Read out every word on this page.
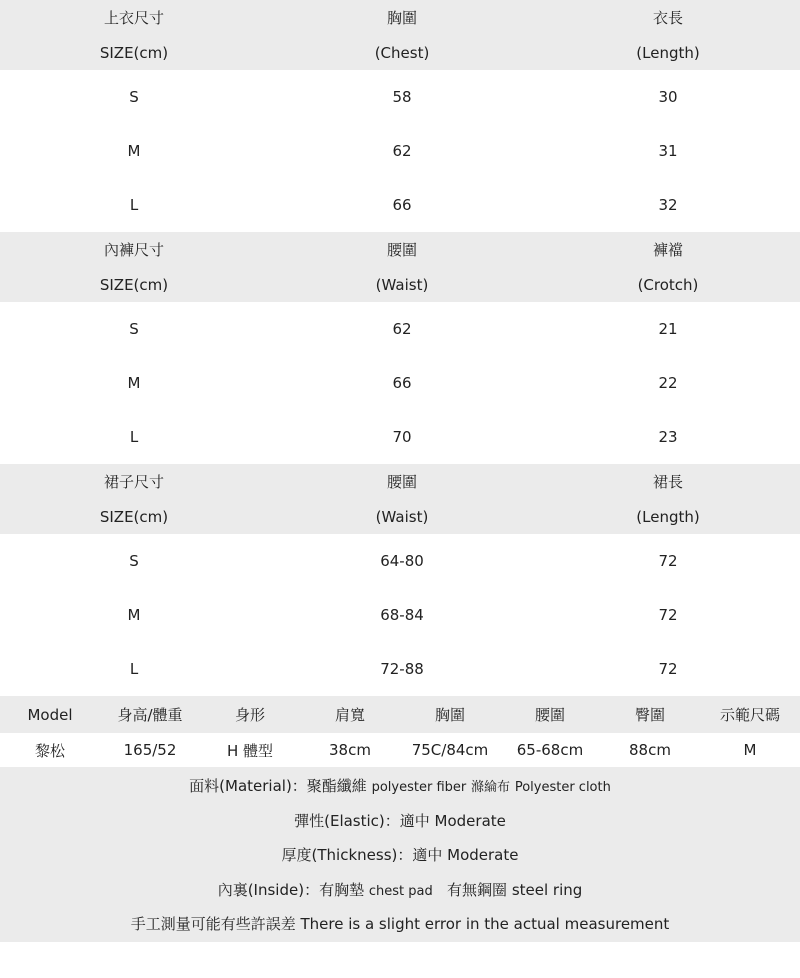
上衣尺寸	胸圍	衣長
SIZE(cm)	(Chest)	(Length)
S	58	30
M	62	31
L	66	32
內褲尺寸	腰圍	褲襠
SIZE(cm)	(Waist)	(Crotch)
S	62	21
M	66	22
L	70	23
裙子尺寸	腰圍	裙長
SIZE(cm)	(Waist)	(Length)
S	64-80	72
M	68-84	72
L	72-88	72
Model	身高/體重	身形	肩寬	胸圍	腰圍	臀圍	示範尺碼
黎松	165/52	H 體型	38cm	75C/84cm	65-68cm	88cm	M
面料(Material)：聚酯纖維 polyester fiber 滌綸布 Polyester cloth
彈性(Elastic)：適中 Moderate
厚度(Thickness)：適中 Moderate
內裏(Inside)：有胸墊 chest pad 有無鋼圈 steel ring
手工測量可能有些許誤差 There is a slight error in the actual measurement
